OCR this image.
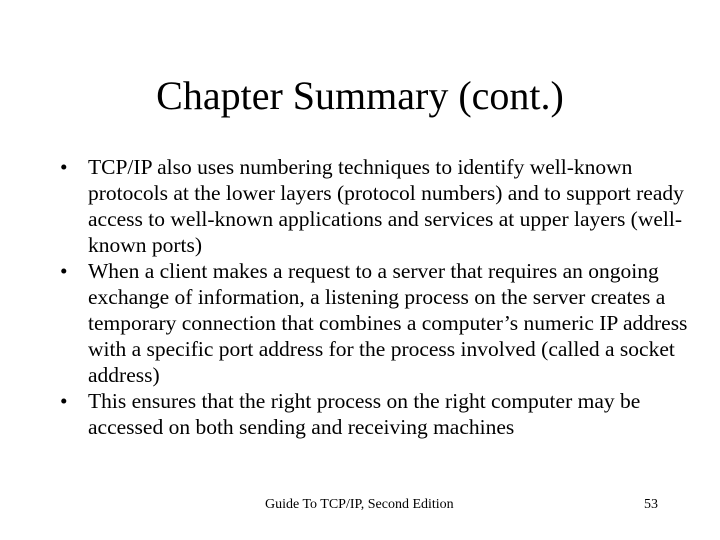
Chapter Summary (cont.)
• TCP/IP also uses numbering techniques to identify well-known protocols at the lower layers (protocol numbers) and to support ready access to well-known applications and services at upper layers (well-known ports)
• When a client makes a request to a server that requires an ongoing exchange of information, a listening process on the server creates a temporary connection that combines a computer’s numeric IP address with a specific port address for the process involved (called a socket address)
• This ensures that the right process on the right computer may be accessed on both sending and receiving machines
Guide To TCP/IP, Second Edition	53
